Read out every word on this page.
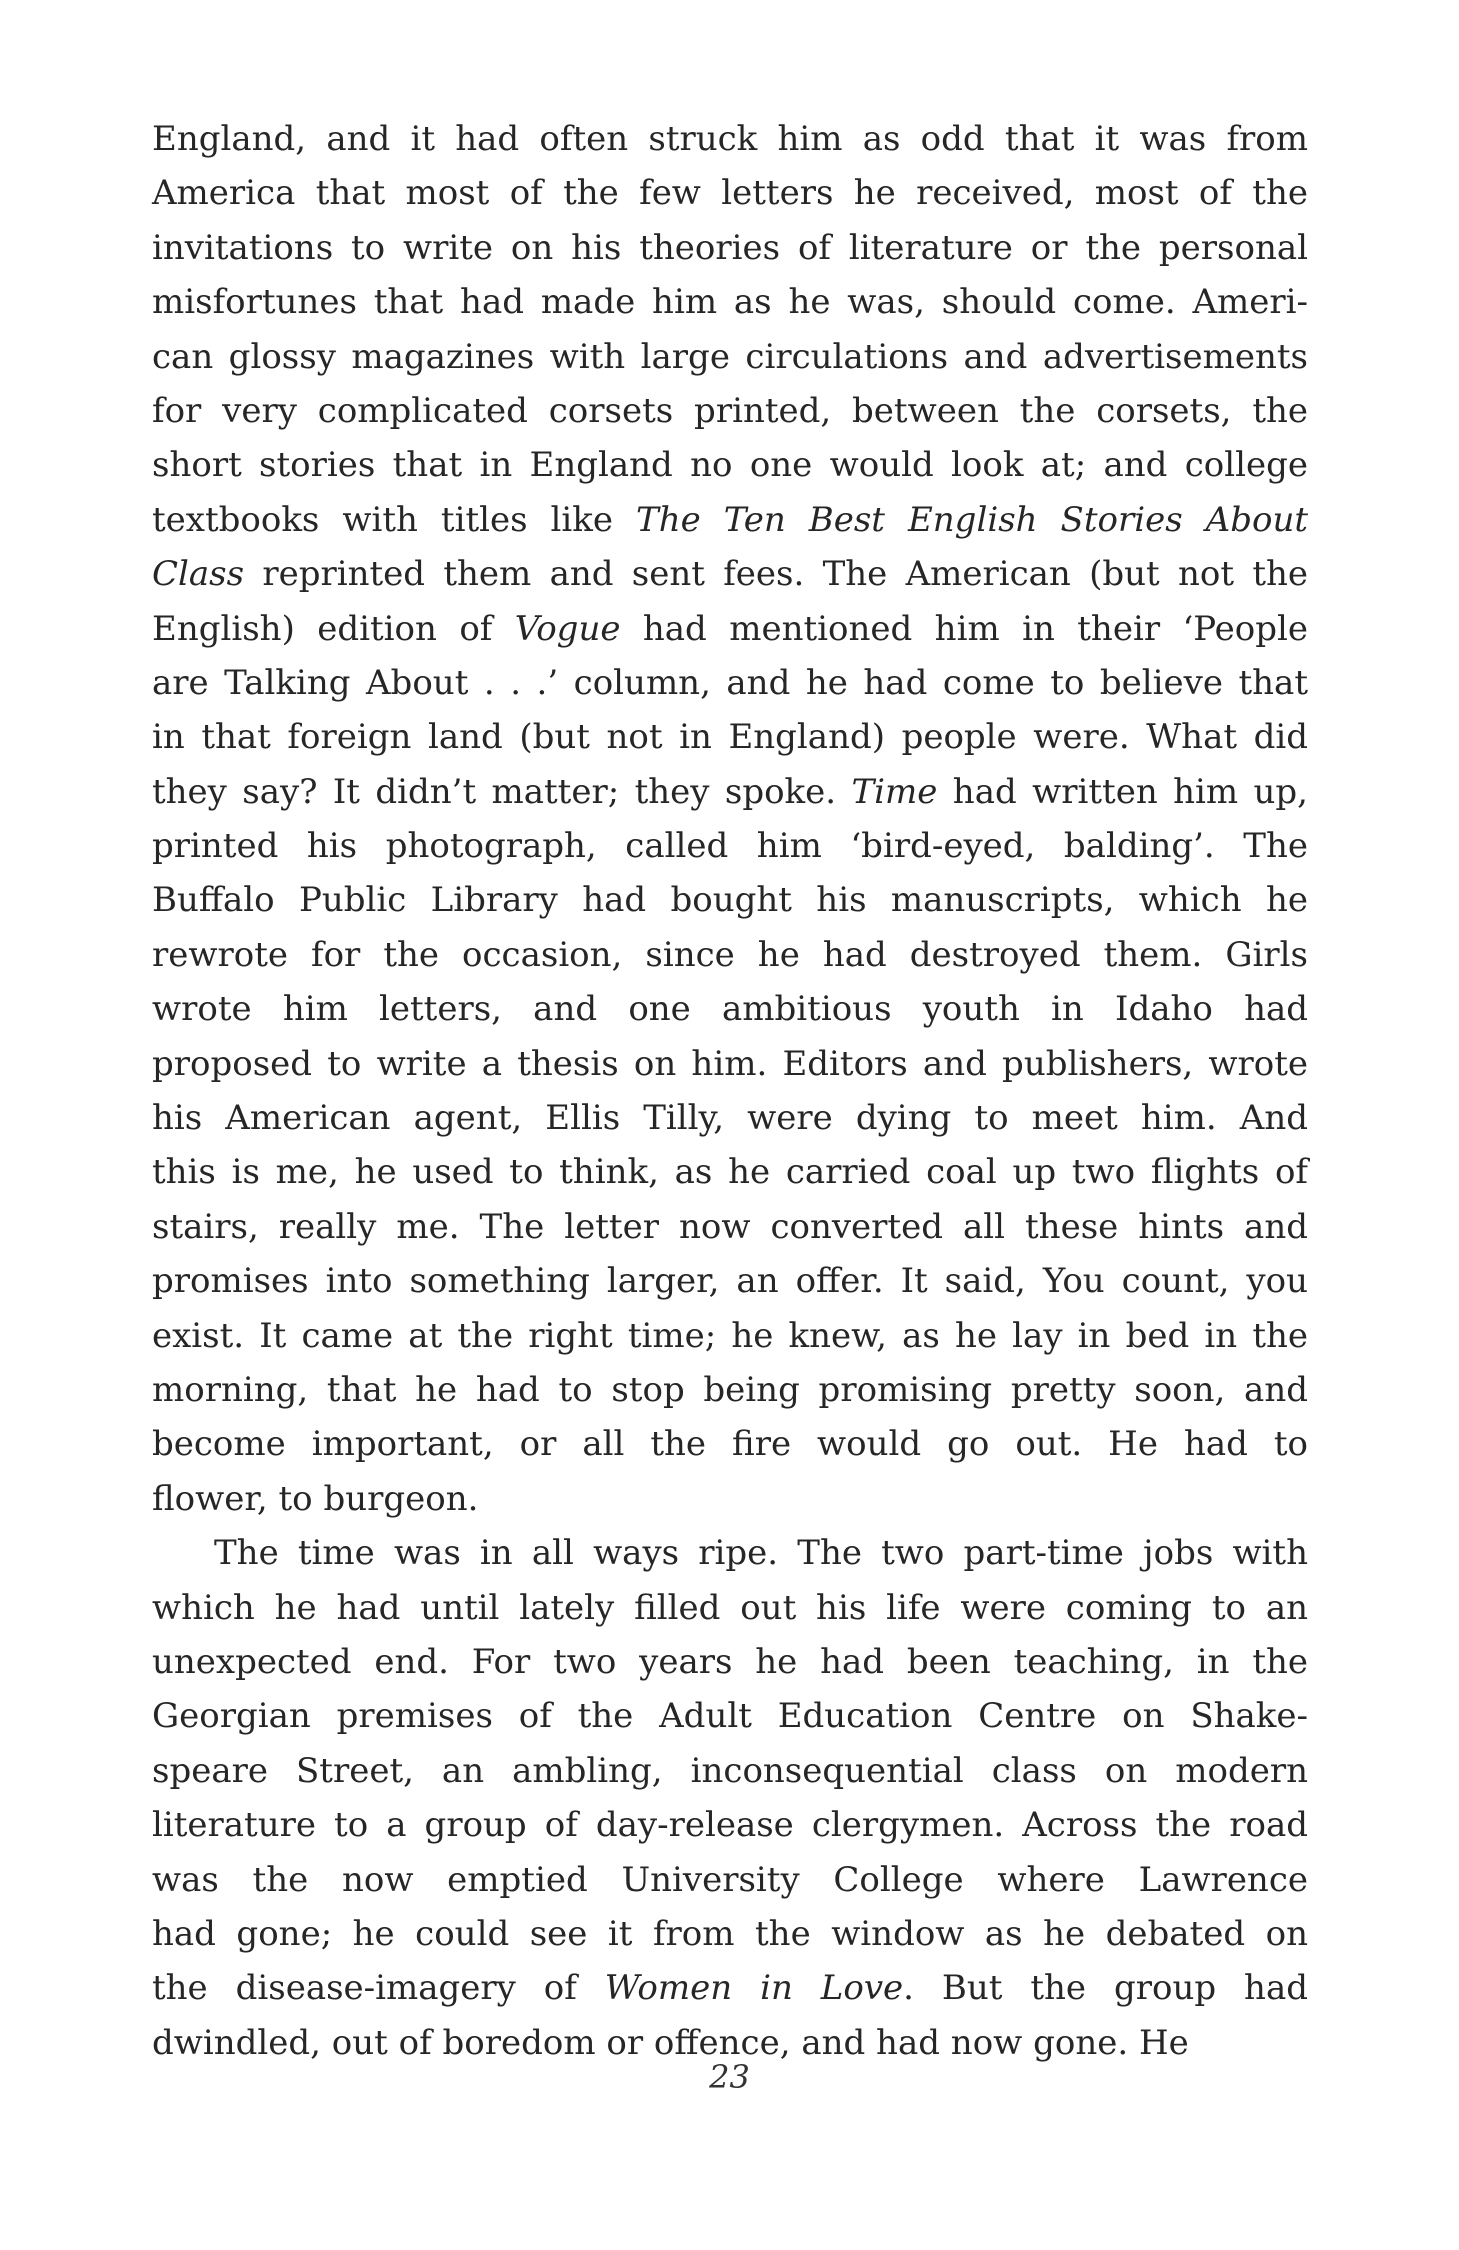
England, and it had often struck him as odd that it was from
America that most of the few letters he received, most of the
invitations to write on his theories of literature or the personal
misfortunes that had made him as he was, should come. Ameri-
can glossy magazines with large circulations and advertisements
for very complicated corsets printed, between the corsets, the
short stories that in England no one would look at; and college
textbooks with titles like The Ten Best English Stories About
Class reprinted them and sent fees. The American (but not the
English) edition of Vogue had mentioned him in their ‘People
are Talking About . . .’ column, and he had come to believe that
in that foreign land (but not in England) people were. What did
they say? It didn’t matter; they spoke. Time had written him up,
printed his photograph, called him ‘bird-eyed, balding’. The
Buffalo Public Library had bought his manuscripts, which he
rewrote for the occasion, since he had destroyed them. Girls
wrote him letters, and one ambitious youth in Idaho had
proposed to write a thesis on him. Editors and publishers, wrote
his American agent, Ellis Tilly, were dying to meet him. And
this is me, he used to think, as he carried coal up two flights of
stairs, really me. The letter now converted all these hints and
promises into something larger, an offer. It said, You count, you
exist. It came at the right time; he knew, as he lay in bed in the
morning, that he had to stop being promising pretty soon, and
become important, or all the fire would go out. He had to
flower, to burgeon.
The time was in all ways ripe. The two part-time jobs with
which he had until lately filled out his life were coming to an
unexpected end. For two years he had been teaching, in the
Georgian premises of the Adult Education Centre on Shake-
speare Street, an ambling, inconsequential class on modern
literature to a group of day-release clergymen. Across the road
was the now emptied University College where Lawrence
had gone; he could see it from the window as he debated on
the disease-imagery of Women in Love. But the group had
dwindled, out of boredom or offence, and had now gone. He
23
